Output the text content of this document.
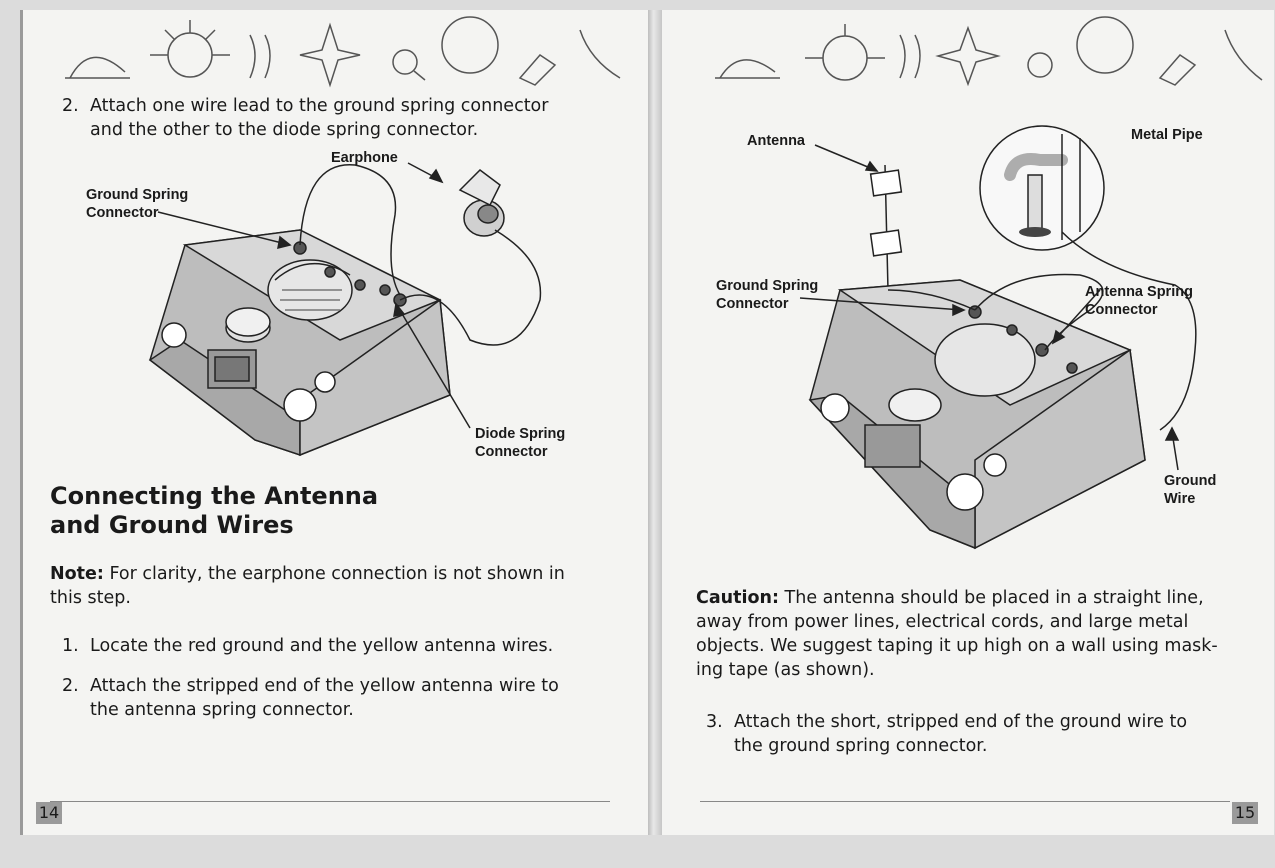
2. Attach one wire lead to the ground spring connector
and the other to the diode spring connector.
Earphone
Ground Spring
Connector
Diode Spring
Connector
Connecting the Antenna
and Ground Wires
Note: For clarity, the earphone connection is not shown in
this step.
1. Locate the red ground and the yellow antenna wires.
2. Attach the stripped end of the yellow antenna wire to
the antenna spring connector.
14
Antenna	Metal Pipe
Ground Spring
Connector
Antenna Spring
Connector
Ground
Wire
Caution: The antenna should be placed in a straight line,
away from power lines, electrical cords, and large metal
objects. We suggest taping it up high on a wall using mask-
ing tape (as shown).
3. Attach the short, stripped end of the ground wire to
the ground spring connector.
15
